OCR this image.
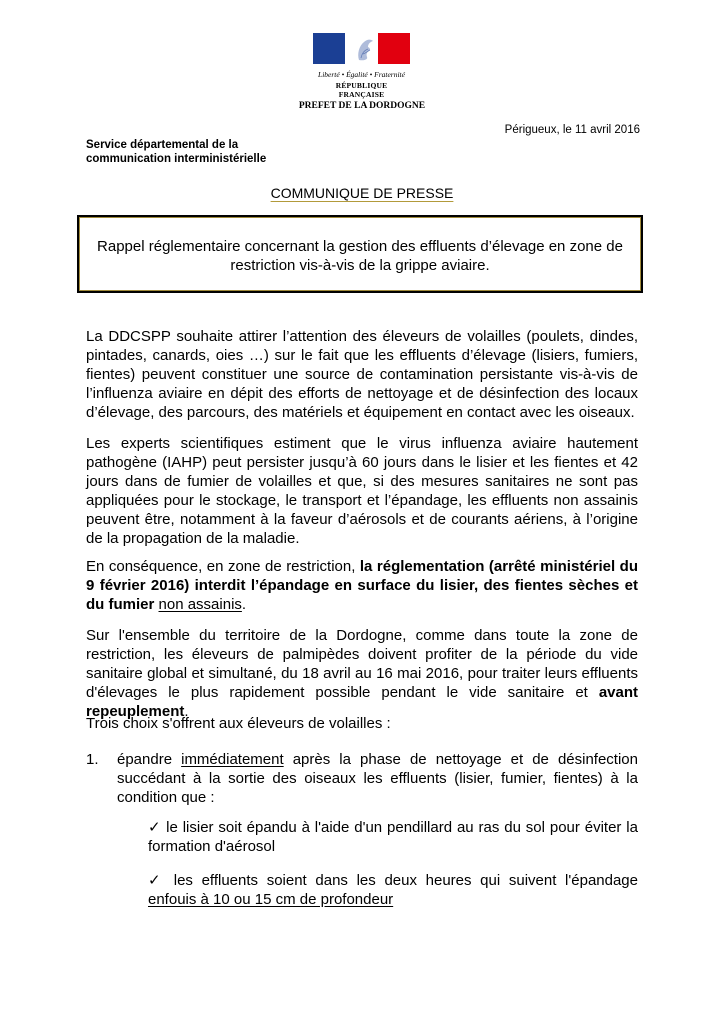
Liberté • Égalité • Fraternité
RÉPUBLIQUE FRANÇAISE
PREFET DE LA DORDOGNE
Périgueux, le 11 avril 2016
Service départemental de la
communication interministérielle
COMMUNIQUE DE PRESSE
Rappel réglementaire concernant la gestion des effluents d’élevage en zone de restriction vis-à-vis de la grippe aviaire.
La DDCSPP souhaite attirer l’attention des éleveurs de volailles (poulets, dindes, pintades, canards, oies …) sur le fait que les effluents d’élevage (lisiers, fumiers, fientes) peuvent constituer une source de contamination persistante vis-à-vis de l’influenza aviaire en dépit des efforts de nettoyage et de désinfection des locaux d’élevage, des parcours, des matériels et équipement en contact avec les oiseaux.
Les experts scientifiques estiment que le virus influenza aviaire hautement pathogène (IAHP) peut persister jusqu’à 60 jours dans le lisier et les fientes et 42 jours dans de fumier de volailles et que, si des mesures sanitaires ne sont pas appliquées pour le stockage, le transport et l’épandage, les effluents non assainis peuvent être, notamment à la faveur d’aérosols et de courants aériens, à l’origine de la propagation de la maladie.
En conséquence, en zone de restriction, la réglementation (arrêté ministériel du 9 février 2016) interdit l’épandage en surface du lisier, des fientes sèches et du fumier non assainis.
Sur l'ensemble du territoire de la Dordogne, comme dans toute la zone de restriction, les éleveurs de palmipèdes doivent profiter de la période du vide sanitaire global et simultané, du 18 avril au 16 mai 2016, pour traiter leurs effluents d'élevages le plus rapidement possible pendant le vide sanitaire et avant repeuplement.
Trois choix s'offrent aux éleveurs de volailles :
1. épandre immédiatement après la phase de nettoyage et de désinfection succédant à la sortie des oiseaux les effluents (lisier, fumier, fientes) à la condition que :
✓ le lisier soit épandu à l'aide d'un pendillard au ras du sol pour éviter la formation d'aérosol
✓ les effluents soient dans les deux heures qui suivent l'épandage enfouis à 10 ou 15 cm de profondeur
